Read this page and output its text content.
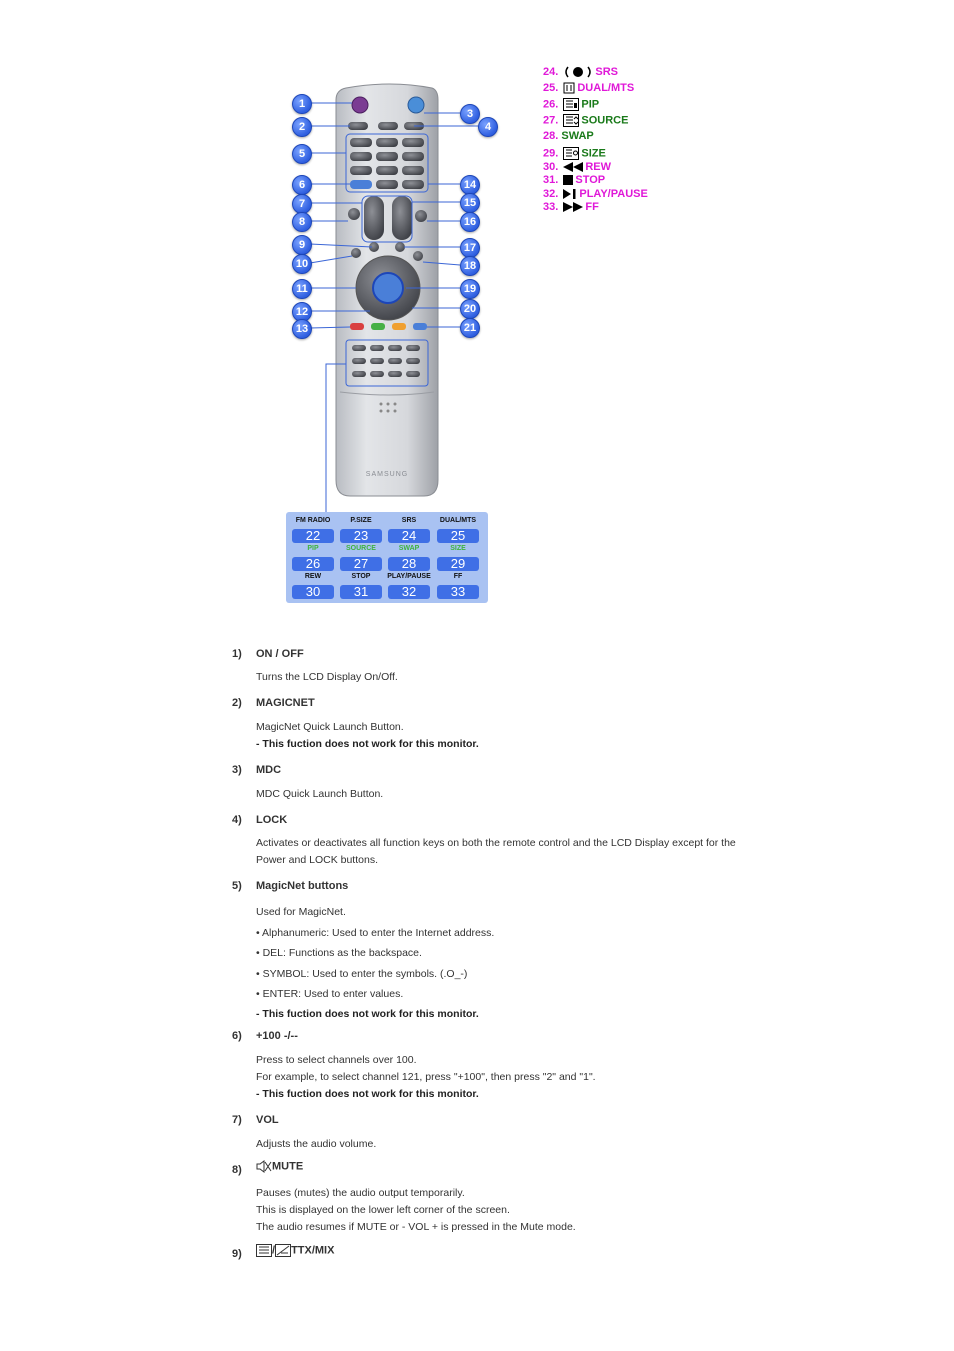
SAMSUNG
1
2
3
4
5
6
7
8
9
10
11
12
13
14
15
16
17
18
19
20
21
FM RADIO	P.SIZE	SRS	DUAL/MTS
22	23	24	25
PIP	SOURCE	SWAP	SIZE
26	27	28	29
REW	STOP	PLAY/PAUSE	FF
30	31	32	33
24.	SRS
25. DUAL/MTS
26. PIP
27. SOURCE
28. SWAP
29. SIZE
30. REW
31. STOP
32. PLAY/PAUSE
33. FF
1) ON / OFF
Turns the LCD Display On/Off.
2) MAGICNET
MagicNet Quick Launch Button.
- This fuction does not work for this monitor.
3) MDC
MDC Quick Launch Button.
4) LOCK
Activates or deactivates all function keys on both the remote control and the LCD Display except for the
Power and LOCK buttons.
5) MagicNet buttons
Used for MagicNet.
• Alphanumeric: Used to enter the Internet address.
• DEL: Functions as the backspace.
• SYMBOL: Used to enter the symbols. (.O_-)
• ENTER: Used to enter values.
- This fuction does not work for this monitor.
6) +100 -/--
Press to select channels over 100.
For example, to select channel 121, press "+100", then press "2" and "1".
- This fuction does not work for this monitor.
7) VOL
Adjusts the audio volume.
8)	MUTE
Pauses (mutes) the audio output temporarily.
This is displayed on the lower left corner of the screen.
The audio resumes if MUTE or - VOL + is pressed in the Mute mode.
9)	/ TTX/MIX
